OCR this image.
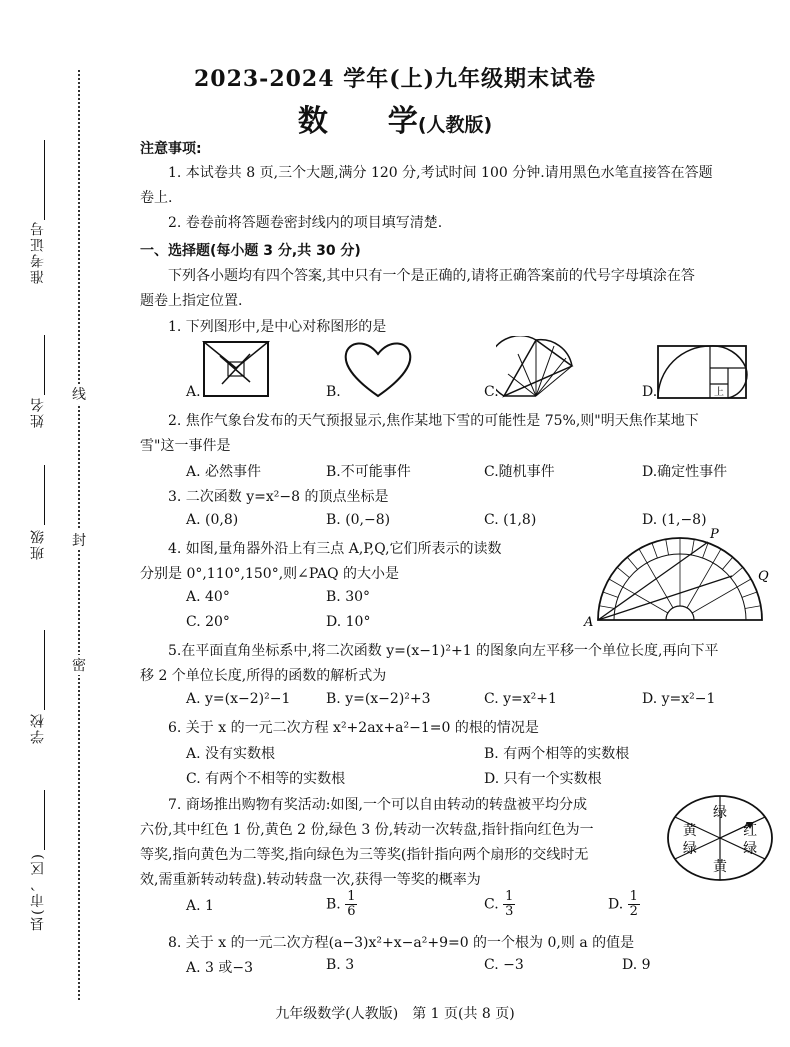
准考证号
姓名
班级
学校
县(市、区)
线
封
密
2023-2024 学年(上)九年级期末试卷
数　　学(人教版)
注意事项:
1. 本试卷共 8 页,三个大题,满分 120 分,考试时间 100 分钟.请用黑色水笔直接答在答题
卷上.
2. 卷卷前将答题卷密封线内的项目填写清楚.
一、选择题(每小题 3 分,共 30 分)
下列各小题均有四个答案,其中只有一个是正确的,请将正确答案前的代号字母填涂在答
题卷上指定位置.
1. 下列图形中,是中心对称图形的是
A.	B.	C.	上
D.
2. 焦作气象台发布的天气预报显示,焦作某地下雪的可能性是 75%,则"明天焦作某地下
雪"这一事件是
A. 必然事件	B.不可能事件	C.随机事件	D.确定性事件
3. 二次函数 y=x²−8 的顶点坐标是
A. (0,8)	B. (0,−8)	C. (1,8)	D. (1,−8)
4. 如图,量角器外沿上有三点 A,P,Q,它们所表示的读数
分别是 0°,110°,150°,则∠PAQ 的大小是
A. 40°	B. 30°
C. 20°	D. 10°	A
P
Q
5.在平面直角坐标系中,将二次函数 y=(x−1)²+1 的图象向左平移一个单位长度,再向下平
移 2 个单位长度,所得的函数的解析式为
A. y=(x−2)²−1	B. y=(x−2)²+3	C. y=x²+1	D. y=x²−1
6. 关于 x 的一元二次方程 x²+2ax+a²−1=0 的根的情况是
A. 没有实数根	B. 有两个相等的实数根
C. 有两个不相等的实数根	D. 只有一个实数根
7. 商场推出购物有奖活动:如图,一个可以自由转动的转盘被平均分成
六份,其中红色 1 份,黄色 2 份,绿色 3 份,转动一次转盘,指针指向红色为一
等奖,指向黄色为二等奖,指向绿色为三等奖(指针指向两个扇形的交线时无
效,需重新转动转盘).转动转盘一次,获得一等奖的概率为
绿
红
绿
黄
绿
黄
A. 1	B. $\frac{1}{6}$	C. $\frac{1}{3}$	D. $\frac{1}{2}$
8. 关于 x 的一元二次方程(a−3)x²+x−a²+9=0 的一个根为 0,则 a 的值是
A. 3 或−3	B. 3	C. −3	D. 9
九年级数学(人教版)　第 1 页(共 8 页)
